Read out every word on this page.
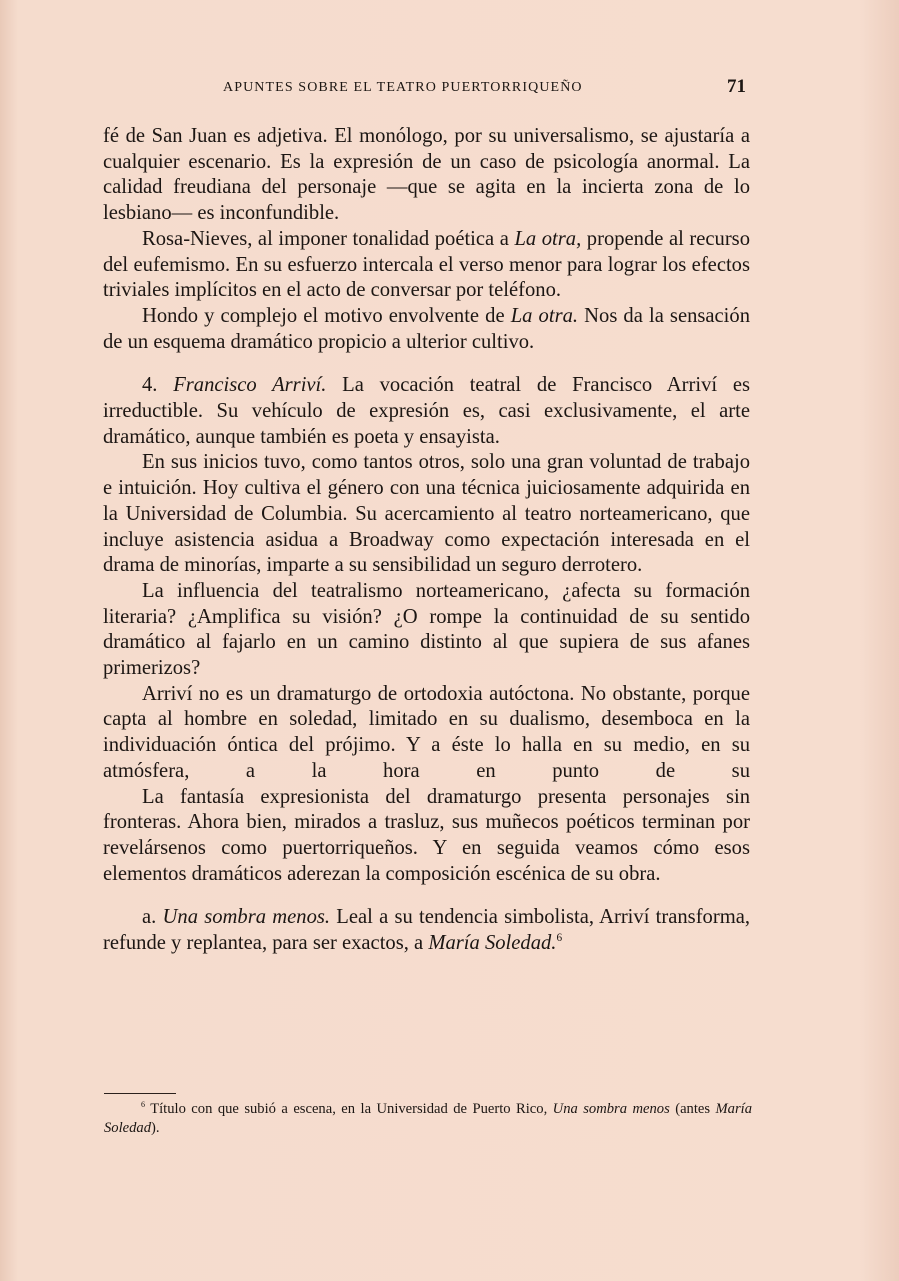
APUNTES SOBRE EL TEATRO PUERTORRIQUEÑO	71

fé de San Juan es adjetiva. El monólogo, por su universalismo, se ajustaría a cualquier escenario. Es la expresión de un caso de psicología anormal. La calidad freudiana del personaje —que se agita en la incierta zona de lo lesbiano— es inconfundible.

Rosa-Nieves, al imponer tonalidad poética a La otra, propende al recurso del eufemismo. En su esfuerzo intercala el verso menor para lograr los efectos triviales implícitos en el acto de conversar por teléfono.

Hondo y complejo el motivo envolvente de La otra. Nos da la sensación de un esquema dramático propicio a ulterior cultivo.

4. Francisco Arriví. La vocación teatral de Francisco Arriví es irreductible. Su vehículo de expresión es, casi exclusivamente, el arte dramático, aunque también es poeta y ensayista.

En sus inicios tuvo, como tantos otros, solo una gran voluntad de trabajo e intuición. Hoy cultiva el género con una técnica juiciosamente adquirida en la Universidad de Columbia. Su acercamiento al teatro norteamericano, que incluye asistencia asidua a Broadway como expectación interesada en el drama de minorías, imparte a su sensibilidad un seguro derrotero.

La influencia del teatralismo norteamericano, ¿afecta su formación literaria? ¿Amplifica su visión? ¿O rompe la continuidad de su sentido dramático al fajarlo en un camino distinto al que supiera de sus afanes primerizos?

Arriví no es un dramaturgo de ortodoxia autóctona. No obstante, porque capta al hombre en soledad, limitado en su dualismo, desemboca en la individuación óntica del prójimo. Y a éste lo halla en su medio, en su atmósfera, a la hora en punto de su

La fantasía expresionista del dramaturgo presenta personajes sin fronteras. Ahora bien, mirados a trasluz, sus muñecos poéticos terminan por revelársenos como puertorriqueños. Y en seguida veamos cómo esos elementos dramáticos aderezan la composición escénica de su obra.

a. Una sombra menos. Leal a su tendencia simbolista, Arriví transforma, refunde y replantea, para ser exactos, a María Soledad.$^6$

$^6$ Título con que subió a escena, en la Universidad de Puerto Rico, Una sombra menos (antes María Soledad).
